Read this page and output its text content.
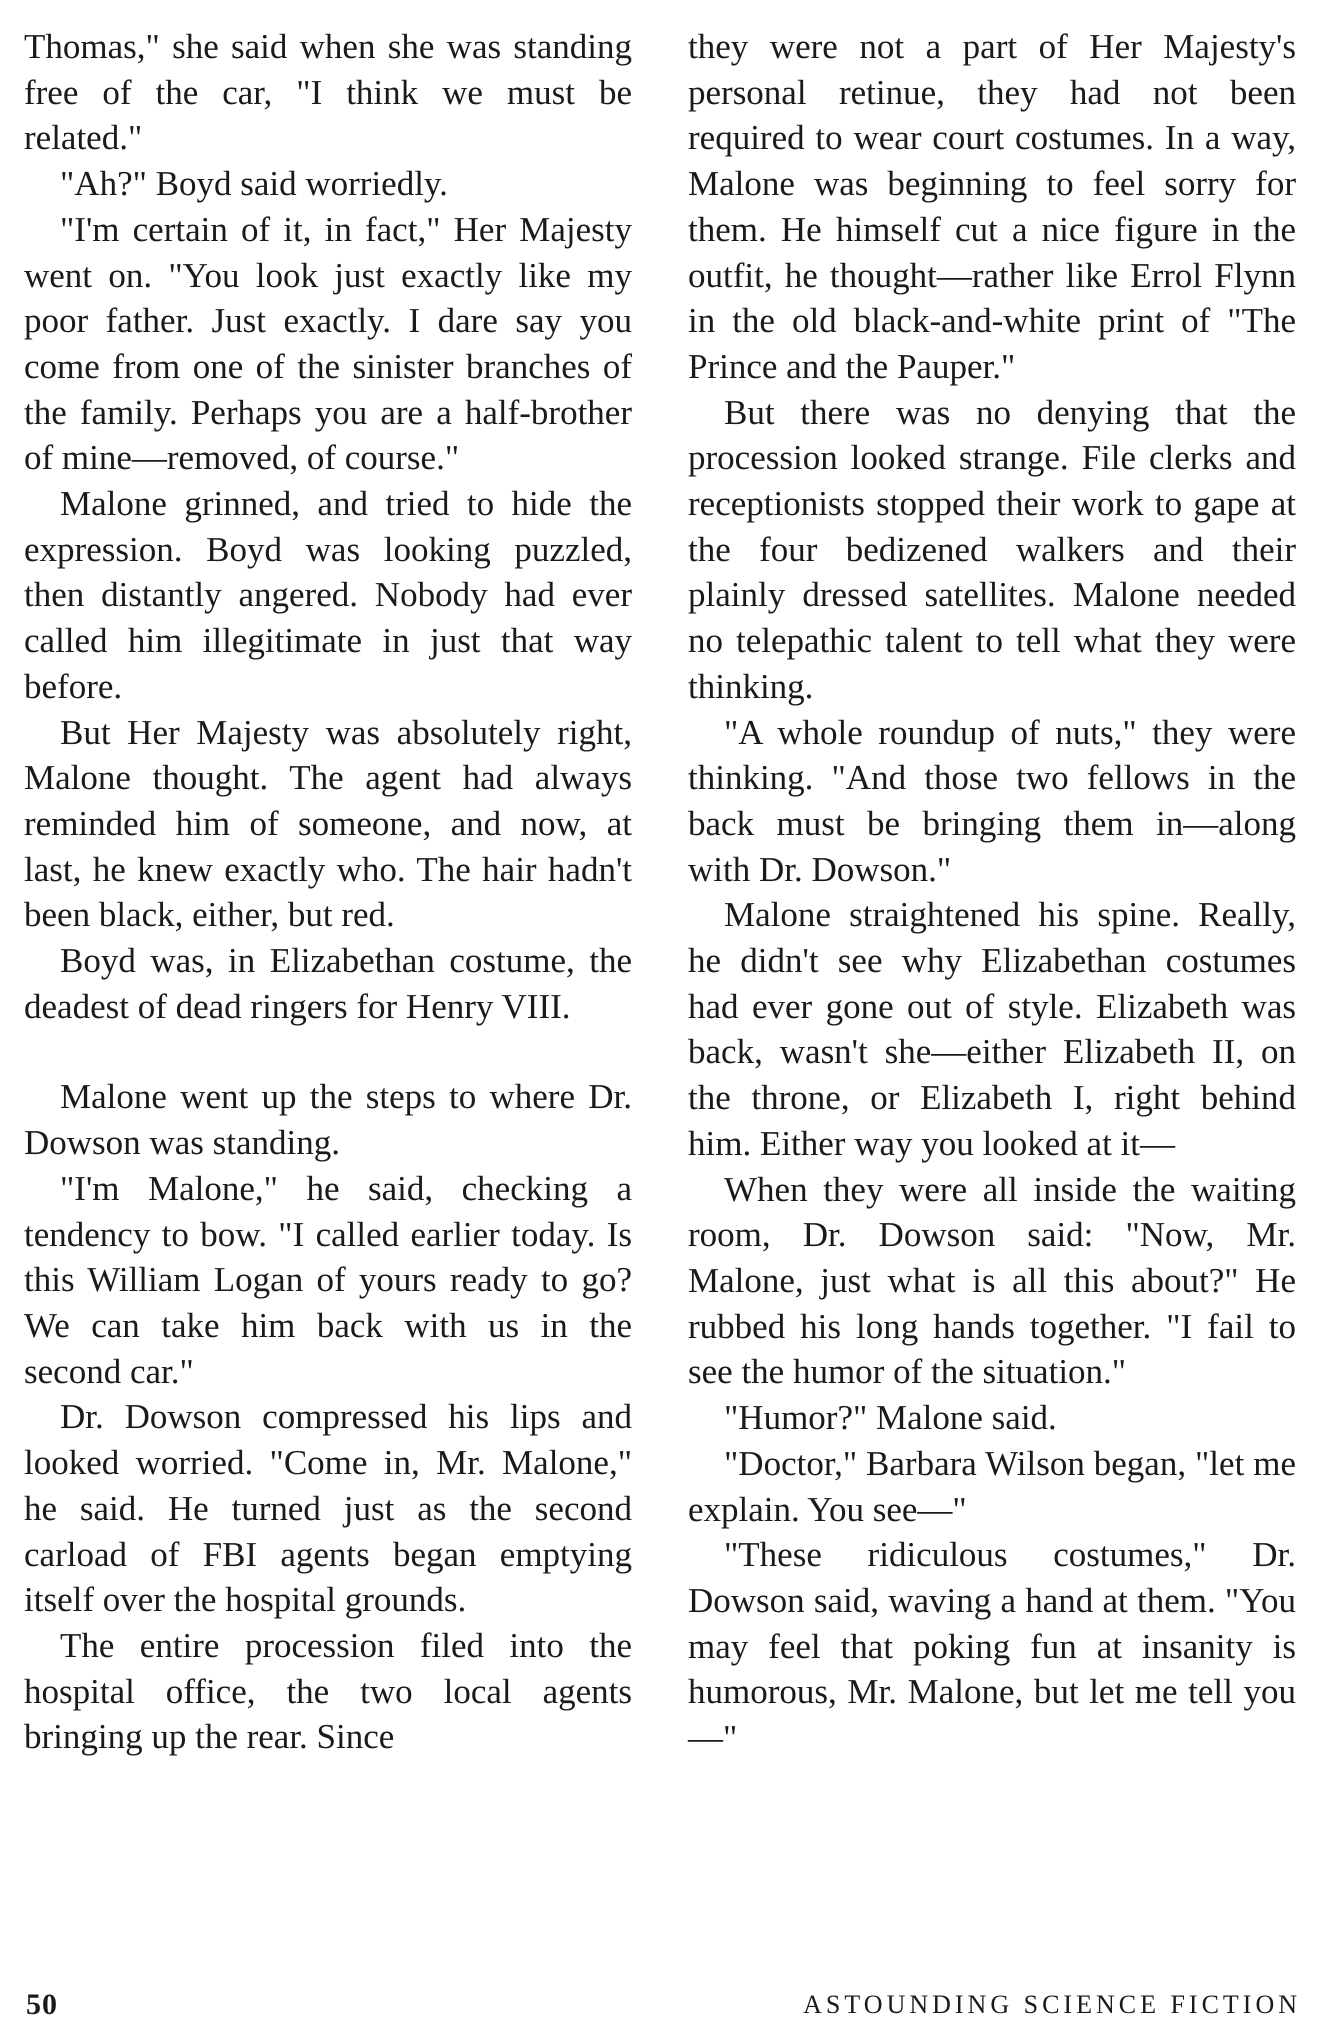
Thomas," she said when she was standing free of the car, "I think we must be related."

"Ah?" Boyd said worriedly.

"I'm certain of it, in fact," Her Majesty went on. "You look just exactly like my poor father. Just exactly. I dare say you come from one of the sinister branches of the family. Perhaps you are a half-brother of mine—removed, of course."

Malone grinned, and tried to hide the expression. Boyd was looking puzzled, then distantly angered. Nobody had ever called him illegitimate in just that way before.

But Her Majesty was absolutely right, Malone thought. The agent had always reminded him of someone, and now, at last, he knew exactly who. The hair hadn't been black, either, but red.

Boyd was, in Elizabethan costume, the deadest of dead ringers for Henry VIII.

Malone went up the steps to where Dr. Dowson was standing.

"I'm Malone," he said, checking a tendency to bow. "I called earlier today. Is this William Logan of yours ready to go? We can take him back with us in the second car."

Dr. Dowson compressed his lips and looked worried. "Come in, Mr. Malone," he said. He turned just as the second carload of FBI agents began emptying itself over the hospital grounds.

The entire procession filed into the hospital office, the two local agents bringing up the rear. Since

they were not a part of Her Majesty's personal retinue, they had not been required to wear court costumes. In a way, Malone was beginning to feel sorry for them. He himself cut a nice figure in the outfit, he thought—rather like Errol Flynn in the old black-and-white print of "The Prince and the Pauper."

But there was no denying that the procession looked strange. File clerks and receptionists stopped their work to gape at the four bedizened walkers and their plainly dressed satellites. Malone needed no telepathic talent to tell what they were thinking.

"A whole roundup of nuts," they were thinking. "And those two fellows in the back must be bringing them in—along with Dr. Dowson."

Malone straightened his spine. Really, he didn't see why Elizabethan costumes had ever gone out of style. Elizabeth was back, wasn't she—either Elizabeth II, on the throne, or Elizabeth I, right behind him. Either way you looked at it—

When they were all inside the waiting room, Dr. Dowson said: "Now, Mr. Malone, just what is all this about?" He rubbed his long hands together. "I fail to see the humor of the situation."

"Humor?" Malone said.

"Doctor," Barbara Wilson began, "let me explain. You see—"

"These ridiculous costumes," Dr. Dowson said, waving a hand at them. "You may feel that poking fun at insanity is humorous, Mr. Malone, but let me tell you—"

50	ASTOUNDING SCIENCE FICTION
